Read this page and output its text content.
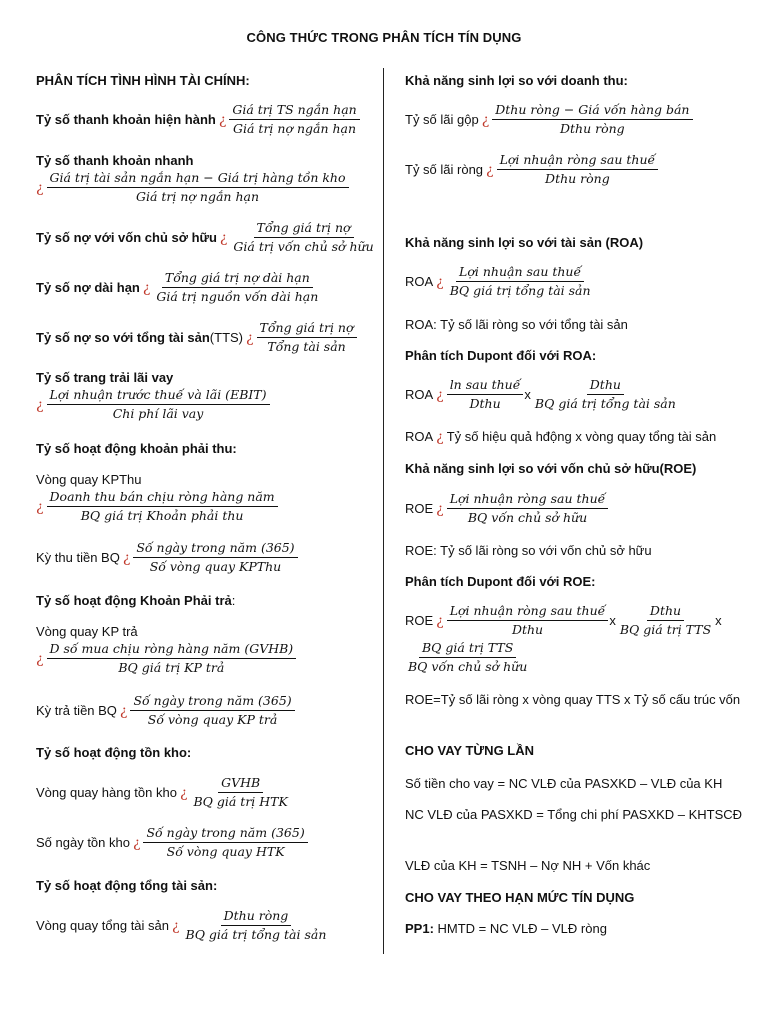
CÔNG THỨC TRONG PHÂN TÍCH TÍN DỤNG
PHÂN TÍCH TÌNH HÌNH TÀI CHÍNH:
Tỷ số thanh khoản hiện hành ¿ $\frac{\text{Giá trị TS ngắn hạn}}{\text{Giá trị nợ ngắn hạn}}$
Tỷ số thanh khoản nhanh
¿ $\frac{\text{Giá trị tài sản ngắn hạn − Giá trị hàng tồn kho}}{\text{Giá trị nợ ngắn hạn}}$
Tỷ số nợ với vốn chủ sở hữu ¿ $\frac{\text{Tổng giá trị nợ}}{\text{Giá trị vốn chủ sở hữu}}$
Tỷ số nợ dài hạn ¿ $\frac{\text{Tổng giá trị nợ dài hạn}}{\text{Giá trị nguồn vốn dài hạn}}$
Tỷ số nợ so với tổng tài sản (TTS) ¿ $\frac{\text{Tổng giá trị nợ}}{\text{Tổng tài sản}}$
Tỷ số trang trải lãi vay
¿ $\frac{\text{Lợi nhuận trước thuế và lãi (EBIT)}}{\text{Chi phí lãi vay}}$
Tỷ số hoạt động khoản phải thu:
Vòng quay KPThu
¿ $\frac{\text{Doanh thu bán chịu ròng hàng năm}}{\text{BQ giá trị Khoản phải thu}}$
Kỳ thu tiền BQ ¿ $\frac{\text{Số ngày trong năm (365)}}{\text{Số vòng quay KPThu}}$
Tỷ số hoạt động Khoản Phải trả:
Vòng quay KP trả
¿ $\frac{\text{D số mua chịu ròng hàng năm (GVHB)}}{\text{BQ giá trị KP trả}}$
Kỳ trả tiền BQ ¿ $\frac{\text{Số ngày trong năm (365)}}{\text{Số vòng quay KP trả}}$
Tỷ số hoạt động tồn kho:
Vòng quay hàng tồn kho ¿ $\frac{\text{GVHB}}{\text{BQ giá trị HTK}}$
Số ngày tồn kho ¿ $\frac{\text{Số ngày trong năm (365)}}{\text{Số vòng quay HTK}}$
Tỷ số hoạt động tổng tài sản:
Vòng quay tổng tài sản ¿ $\frac{\text{Dthu ròng}}{\text{BQ giá trị tổng tài sản}}$
Khả năng sinh lợi so với doanh thu:
Tỷ số lãi gộp ¿ $\frac{\text{Dthu ròng − Giá vốn hàng bán}}{\text{Dthu ròng}}$
Tỷ số lãi ròng ¿ $\frac{\text{Lợi nhuận ròng sau thuế}}{\text{Dthu ròng}}$
Khả năng sinh lợi so với tài sản (ROA)
ROA ¿ $\frac{\text{Lợi nhuận sau thuế}}{\text{BQ giá trị tổng tài sản}}$
ROA: Tỷ số lãi ròng so với tổng tài sản
Phân tích Dupont đối với ROA:
ROA ¿ $\frac{\text{ln sau thuế}}{\text{Dthu}}$ x $\frac{\text{Dthu}}{\text{BQ giá trị tổng tài sản}}$
ROA ¿ Tỷ số hiệu quả hđộng x vòng quay tổng tài sản
Khả năng sinh lợi so với vốn chủ sở hữu(ROE)
ROE ¿ $\frac{\text{Lợi nhuận ròng sau thuế}}{\text{BQ vốn chủ sở hữu}}$
ROE: Tỷ số lãi ròng so với vốn chủ sở hữu
Phân tích Dupont đối với ROE:
ROE ¿ $\frac{\text{Lợi nhuận ròng sau thuế}}{\text{Dthu}}$ x $\frac{\text{Dthu}}{\text{BQ giá trị TTS}}$ x
$\frac{\text{BQ giá trị TTS}}{\text{BQ vốn chủ sở hữu}}$
ROE=Tỷ số lãi ròng x vòng quay TTS x Tỷ số cấu trúc vốn
CHO VAY TỪNG LẦN
Số tiền cho vay = NC VLĐ của PASXKD – VLĐ của KH
NC VLĐ của PASXKD = Tổng chi phí PASXKD – KHTSCĐ
VLĐ của KH = TSNH – Nợ NH + Vốn khác
CHO VAY THEO HẠN MỨC TÍN DỤNG
PP1: HMTD = NC VLĐ – VLĐ ròng
